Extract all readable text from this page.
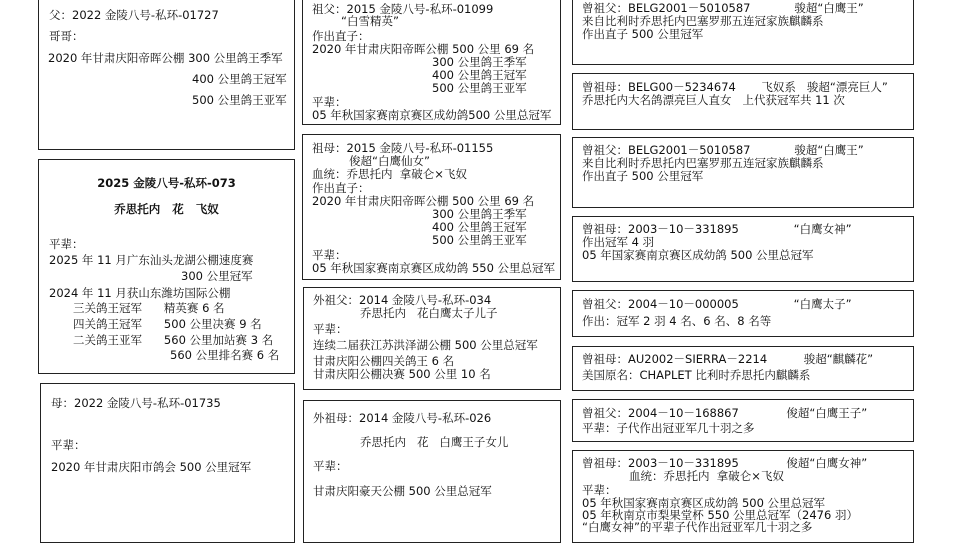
父：2022 金陵八号-私环-01727
哥哥：
2020 年甘肃庆阳帝晖公棚 300 公里鸽王季军
400 公里鸽王冠军
500 公里鸽王亚军
2025 金陵八号-私环-073
乔思托内   花   飞奴
平辈：
2025 年 11 月广东汕头龙湖公棚速度赛
300 公里冠军
2024 年 11 月获山东潍坊国际公棚
三关鸽王冠军      精英赛 6 名
四关鸽王冠军      500 公里决赛 9 名
二关鸽王亚军      560 公里加站赛 3 名
560 公里排名赛 6 名
母：2022 金陵八号-私环-01735
平辈：
2020 年甘肃庆阳市鸽会 500 公里冠军
祖父：2015 金陵八号-私环-01099
“白雪精英”
作出直子：
2020 年甘肃庆阳帝晖公棚 500 公里 69 名
300 公里鸽王季军
400 公里鸽王冠军
500 公里鸽王亚军
平辈：
05 年秋国家赛南京赛区成幼鸽500 公里总冠军
祖母：2015 金陵八号-私环-01155
俊超“白鹰仙女”
血统：乔思托内  拿破仑×飞奴
作出直子：
2020 年甘肃庆阳帝晖公棚 500 公里 69 名
300 公里鸽王季军
400 公里鸽王冠军
500 公里鸽王亚军
平辈：
05 年秋国家赛南京赛区成幼鸽 550 公里总冠军
外祖父：2014 金陵八号-私环-034
乔思托内   花白鹰太子儿子
平辈：
连续二届获江苏洪泽湖公棚 500 公里总冠军
甘肃庆阳公棚四关鸽王 6 名
甘肃庆阳公棚决赛 500 公里 10 名
外祖母：2014 金陵八号-私环-026
乔思托内   花   白鹰王子女儿
平辈：
甘肃庆阳豪天公棚 500 公里总冠军
曾祖父：BELG2001－5010587            骏超“白鹰王”
来自比利时乔思托内巴塞罗那五连冠家族麒麟系
作出直子 500 公里冠军
曾祖母：BELG00－5234674       飞奴系   骏超“漂亮巨人”
乔思托内大名鸽漂亮巨人直女   上代获冠军共 11 次
曾祖父：BELG2001－5010587            骏超“白鹰王”
来自比利时乔思托内巴塞罗那五连冠家族麒麟系
作出直子 500 公里冠军
曾祖母：2003－10－331895               “白鹰女神”
作出冠军 4 羽
05 年国家赛南京赛区成幼鸽 500 公里总冠军
曾祖父：2004－10－000005               “白鹰太子”
作出：冠军 2 羽 4 名、6 名、8 名等
曾祖母：AU2002－SIERRA－2214          骏超“麒麟花”
美国原名：CHAPLET 比利时乔思托内麒麟系
曾祖父：2004－10－168867             俊超“白鹰王子”
平辈：子代作出冠亚军几十羽之多
曾祖母：2003－10－331895             俊超“白鹰女神”
血统：乔思托内  拿破仑×飞奴
平辈：
05 年秋国家赛南京赛区成幼鸽 500 公里总冠军
05 年秋南京市梨果堂杯 550 公里总冠军（2476 羽）
“白鹰女神”的平辈子代作出冠亚军几十羽之多
